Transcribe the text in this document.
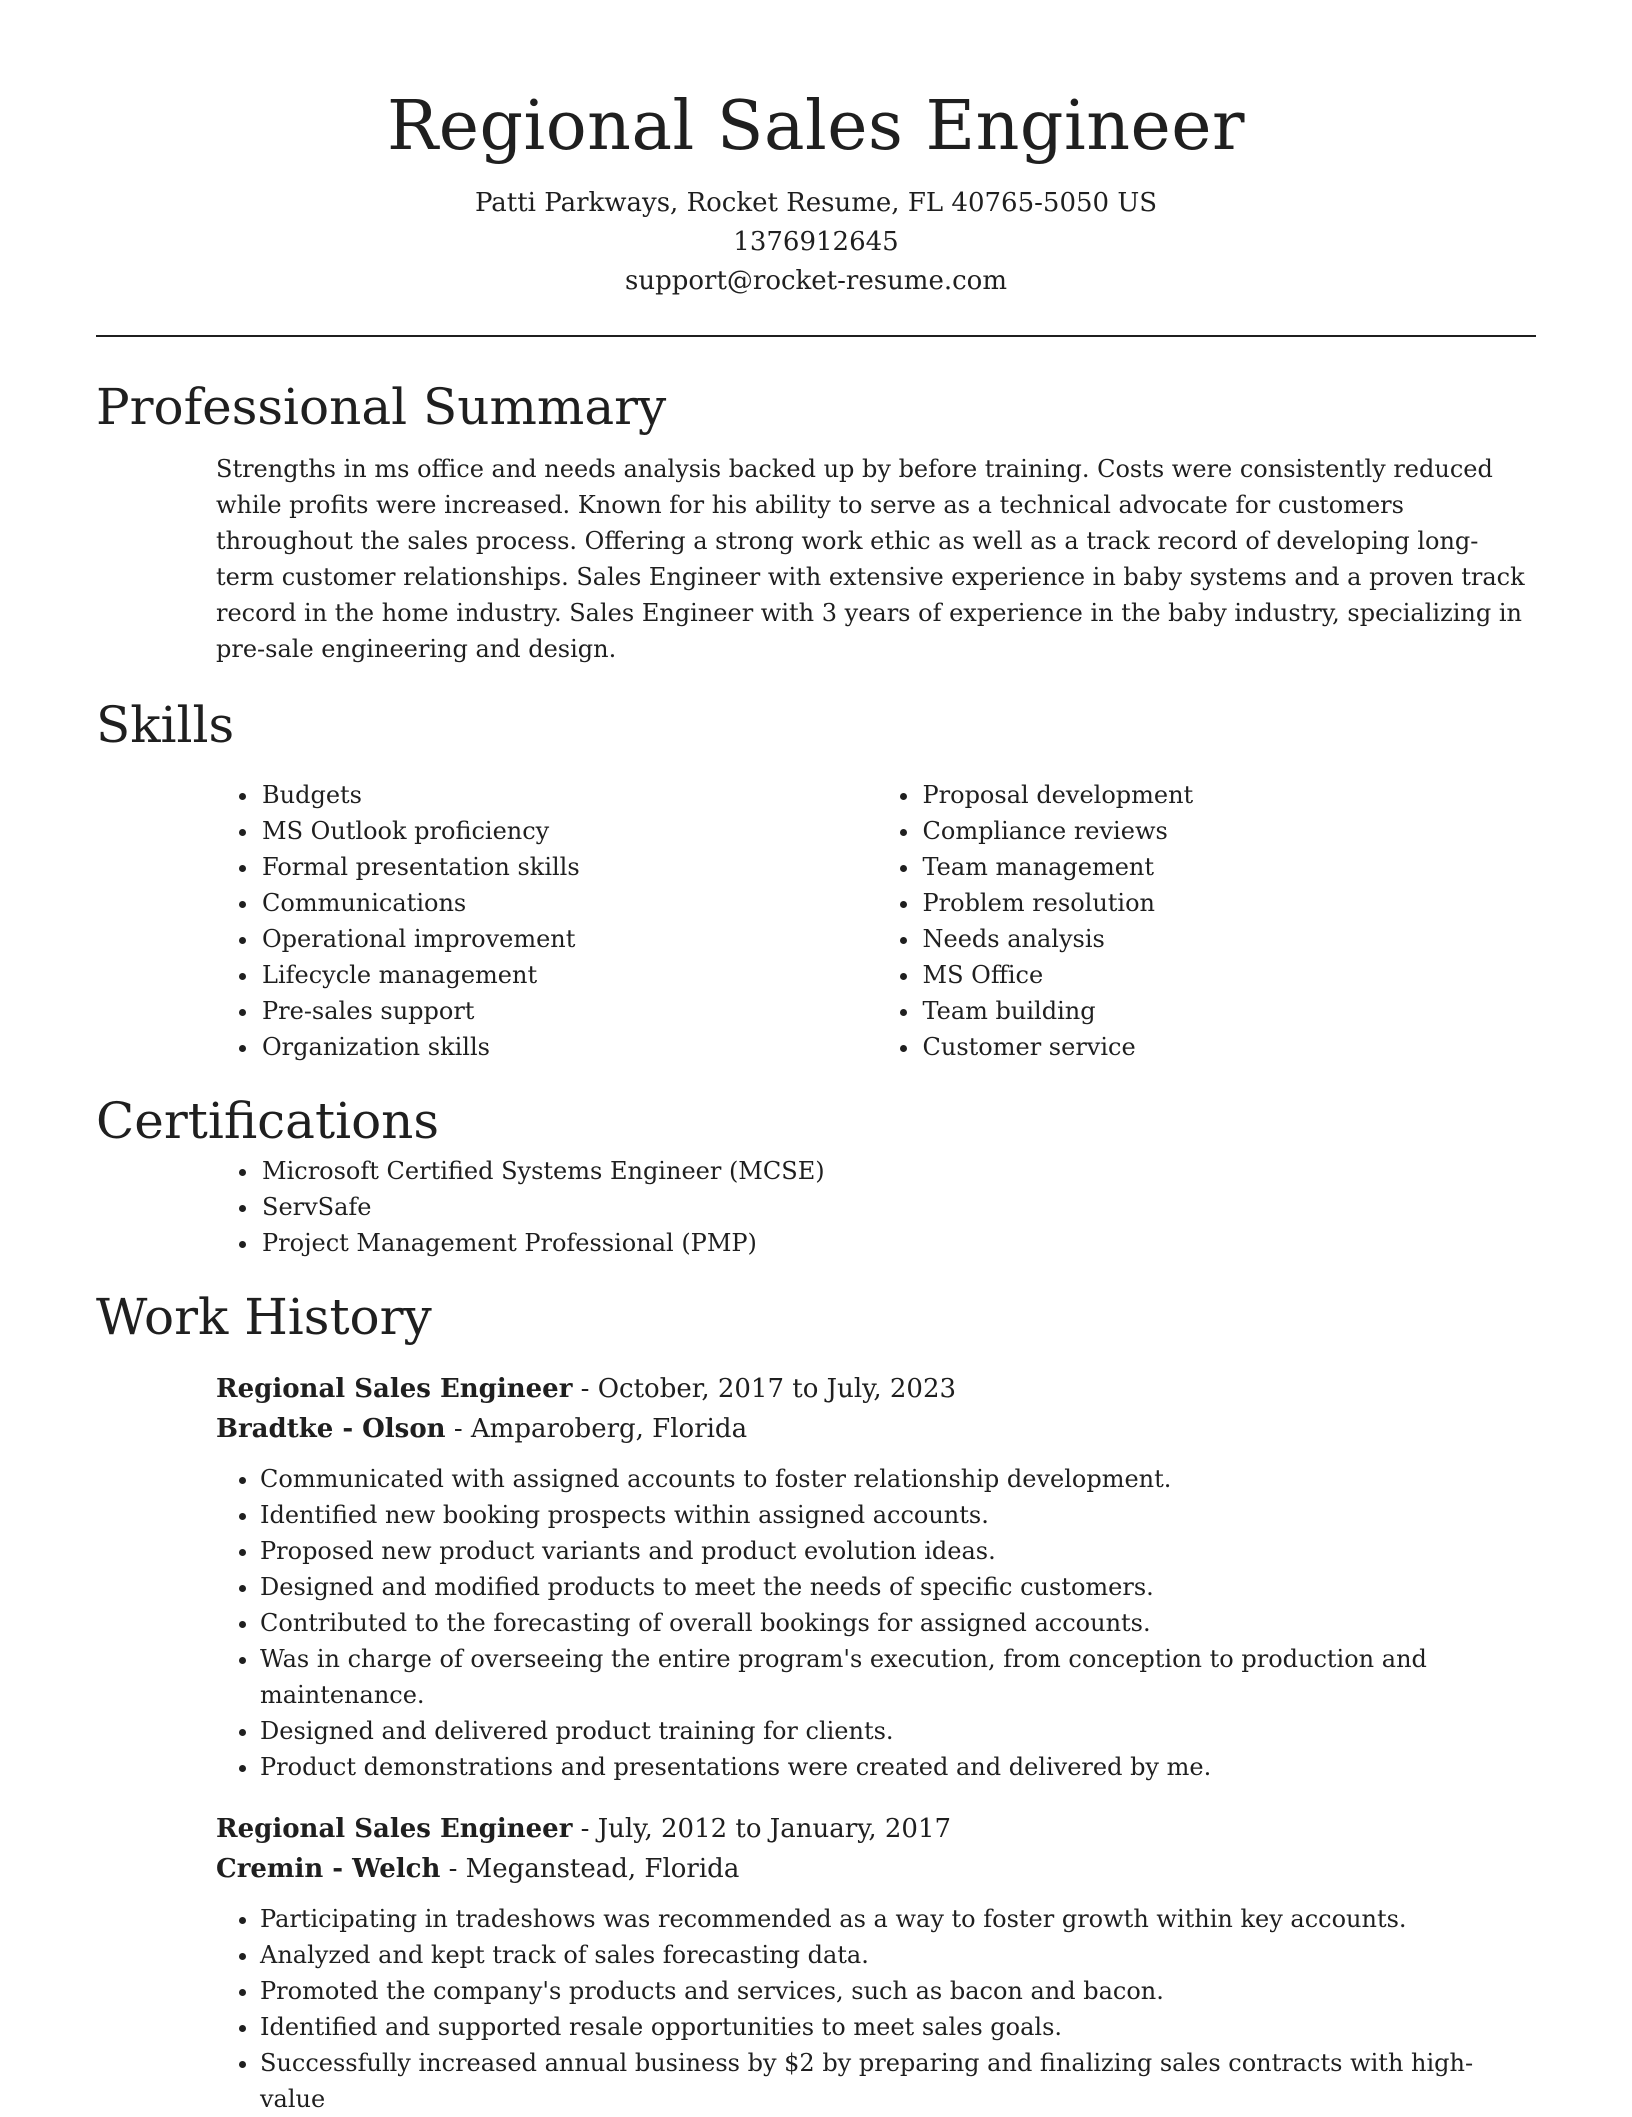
Regional Sales Engineer
Patti Parkways, Rocket Resume, FL 40765-5050 US
1376912645
support@rocket-resume.com
Professional Summary

Strengths in ms office and needs analysis backed up by before training. Costs were consistently reduced while profits were increased. Known for his ability to serve as a technical advocate for customers throughout the sales process. Offering a strong work ethic as well as a track record of developing long-term customer relationships. Sales Engineer with extensive experience in baby systems and a proven track record in the home industry. Sales Engineer with 3 years of experience in the baby industry, specializing in pre-sale engineering and design.

Skills
• Budgets
• MS Outlook proficiency
• Formal presentation skills
• Communications
• Operational improvement
• Lifecycle management
• Pre-sales support
• Organization skills
• Proposal development
• Compliance reviews
• Team management
• Problem resolution
• Needs analysis
• MS Office
• Team building
• Customer service
Certifications
• Microsoft Certified Systems Engineer (MCSE)
• ServSafe
• Project Management Professional (PMP)
Work History
Regional Sales Engineer - October, 2017 to July, 2023
Bradtke - Olson - Amparoberg, Florida
• Communicated with assigned accounts to foster relationship development.
• Identified new booking prospects within assigned accounts.
• Proposed new product variants and product evolution ideas.
• Designed and modified products to meet the needs of specific customers.
• Contributed to the forecasting of overall bookings for assigned accounts.
• Was in charge of overseeing the entire program's execution, from conception to production and maintenance.
• Designed and delivered product training for clients.
• Product demonstrations and presentations were created and delivered by me.
Regional Sales Engineer - July, 2012 to January, 2017
Cremin - Welch - Meganstead, Florida
• Participating in tradeshows was recommended as a way to foster growth within key accounts.
• Analyzed and kept track of sales forecasting data.
• Promoted the company's products and services, such as bacon and bacon.
• Identified and supported resale opportunities to meet sales goals.
• Successfully increased annual business by $2 by preparing and finalizing sales contracts with high-value
